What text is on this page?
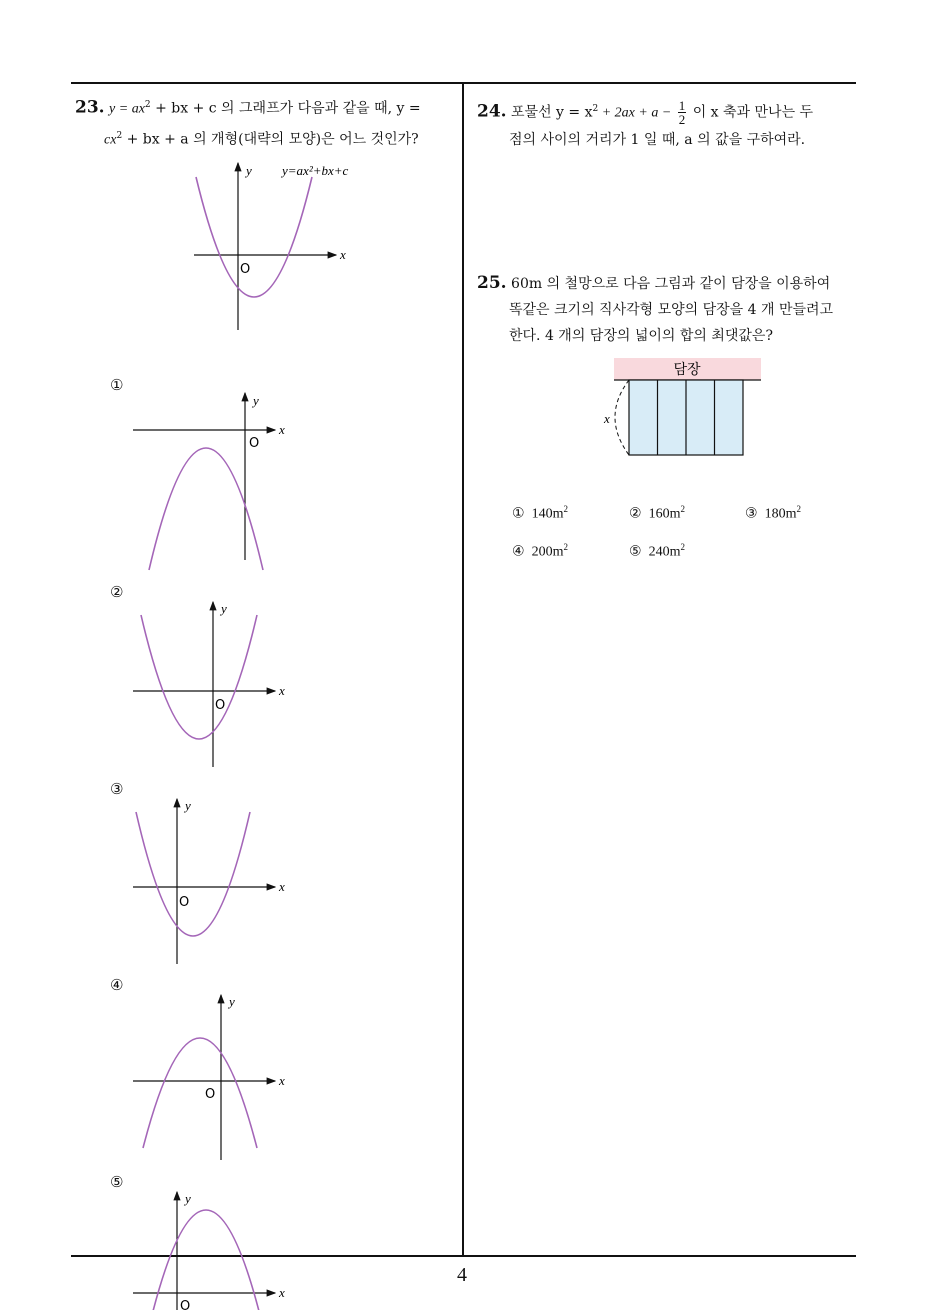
4
23. $y = ax^2$ + bx + c 의 그래프가 다음과 같을 때, y =
$cx^2$ + bx + a 의 개형(대략의 모양)은 어느 것인가?
x
y
O
y=ax²+bx+c
①
x
y
O
②
x
y
O
③
x
y
O
④
x
y
O
⑤
x
y
O
24. 포물선 $y = x^2 + 2ax + a - \frac{1}{2}$ 이 x 축과 만나는 두
점의 사이의 거리가 1 일 때, a 의 값을 구하여라.
25. 60m 의 철망으로 다음 그림과 같이 담장을 이용하여
똑같은 크기의 직사각형 모양의 담장을 4 개 만들려고
한다. 4 개의 담장의 넓이의 합의 최댓값은?
담장
x
① $140m^2$	② $160m^2$	③ $180m^2$
④ $200m^2$	⑤ $240m^2$
